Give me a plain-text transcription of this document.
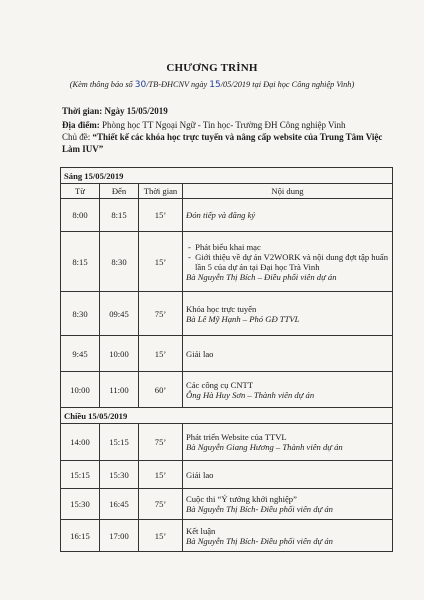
CHƯƠNG TRÌNH
(Kèm thông báo số 30/TB-ĐHCNV ngày 15/05/2019 tại Đại học Công nghiệp Vinh)
Thời gian: Ngày 15/05/2019
Địa điểm: Phòng học TT Ngoại Ngữ - Tin học- Trường ĐH Công nghiệp Vinh
Chủ đề: “Thiết kế các khóa học trực tuyến và nâng cấp website của Trung Tâm Việc Làm IUV”
Sáng 15/05/2019			
Từ	Đến	Thời gian	Nội dung
8:00	8:15	15’	Đón tiếp và đăng ký
8:15	8:30	15’	-  Phát biểu khai mạc
-  Giới thiệu về dự án V2WORK và nội dung đợt tập huấn lần 5 của dự án tại Đại học Trà Vinh
Bà Nguyễn Thị Bích – Điều phối viên dự án

8:30	09:45	75’	Khóa học trực tuyến
Bà Lê Mỹ Hạnh – Phó GĐ TTVL

9:45	10:00	15’	Giải lao
10:00	11:00	60’	Các công cụ CNTT
Ông Hà Huy Sơn – Thành viên dự án

Chiều 15/05/2019			
14:00	15:15	75’	Phát triển Website của TTVL
Bà Nguyễn Giang Hương – Thành viên dự án

15:15	15:30	15’	Giải lao
15:30	16:45	75’	Cuộc thi “Ý tưởng khởi nghiệp”
Bà Nguyễn Thị Bích- Điều phối viên dự án

16:15	17:00	15’	Kết luận
Bà Nguyễn Thị Bích- Điều phối viên dự án
